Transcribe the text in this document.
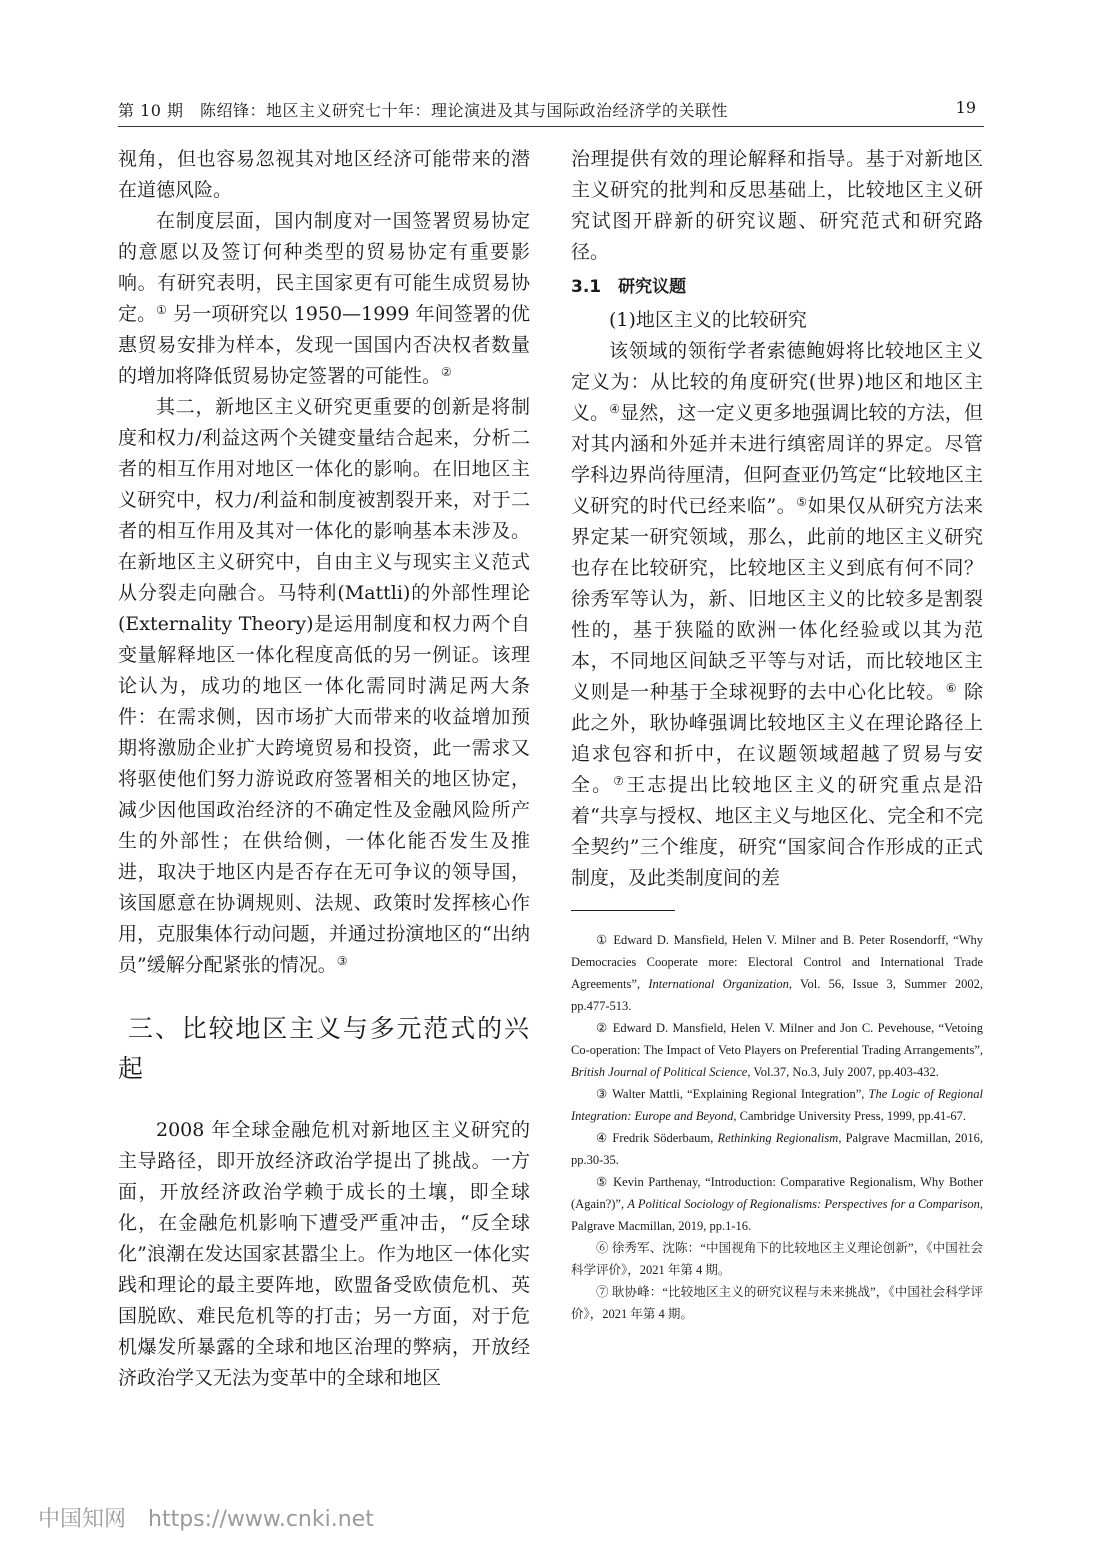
第 10 期　陈绍锋：地区主义研究七十年：理论演进及其与国际政治经济学的关联性	19

视角，但也容易忽视其对地区经济可能带来的潜在道德风险。

在制度层面，国内制度对一国签署贸易协定的意愿以及签订何种类型的贸易协定有重要影响。有研究表明，民主国家更有可能生成贸易协定。① 另一项研究以 1950—1999 年间签署的优惠贸易安排为样本，发现一国国内否决权者数量的增加将降低贸易协定签署的可能性。②

其二，新地区主义研究更重要的创新是将制度和权力/利益这两个关键变量结合起来，分析二者的相互作用对地区一体化的影响。在旧地区主义研究中，权力/利益和制度被割裂开来，对于二者的相互作用及其对一体化的影响基本未涉及。在新地区主义研究中，自由主义与现实主义范式从分裂走向融合。马特利(Mattli)的外部性理论(Externality Theory)是运用制度和权力两个自变量解释地区一体化程度高低的另一例证。该理论认为，成功的地区一体化需同时满足两大条件：在需求侧，因市场扩大而带来的收益增加预期将激励企业扩大跨境贸易和投资，此一需求又将驱使他们努力游说政府签署相关的地区协定，减少因他国政治经济的不确定性及金融风险所产生的外部性；在供给侧，一体化能否发生及推进，取决于地区内是否存在无可争议的领导国，该国愿意在协调规则、法规、政策时发挥核心作用，克服集体行动问题，并通过扮演地区的“出纳员”缓解分配紧张的情况。③

三、比较地区主义与多元范式的兴起

2008 年全球金融危机对新地区主义研究的主导路径，即开放经济政治学提出了挑战。一方面，开放经济政治学赖于成长的土壤，即全球化，在金融危机影响下遭受严重冲击，“反全球化”浪潮在发达国家甚嚣尘上。作为地区一体化实践和理论的最主要阵地，欧盟备受欧债危机、英国脱欧、难民危机等的打击；另一方面，对于危机爆发所暴露的全球和地区治理的弊病，开放经济政治学又无法为变革中的全球和地区

治理提供有效的理论解释和指导。基于对新地区主义研究的批判和反思基础上，比较地区主义研究试图开辟新的研究议题、研究范式和研究路径。

3.1　研究议题

(1)地区主义的比较研究

该领域的领衔学者索德鲍姆将比较地区主义定义为：从比较的角度研究(世界)地区和地区主义。④显然，这一定义更多地强调比较的方法，但对其内涵和外延并未进行缜密周详的界定。尽管学科边界尚待厘清，但阿查亚仍笃定“比较地区主义研究的时代已经来临”。⑤如果仅从研究方法来界定某一研究领域，那么，此前的地区主义研究也存在比较研究，比较地区主义到底有何不同？徐秀军等认为，新、旧地区主义的比较多是割裂性的，基于狭隘的欧洲一体化经验或以其为范本，不同地区间缺乏平等与对话，而比较地区主义则是一种基于全球视野的去中心化比较。⑥ 除此之外，耿协峰强调比较地区主义在理论路径上追求包容和折中，在议题领域超越了贸易与安全。⑦王志提出比较地区主义的研究重点是沿着“共享与授权、地区主义与地区化、完全和不完全契约”三个维度，研究“国家间合作形成的正式制度，及此类制度间的差

① Edward D. Mansfield, Helen V. Milner and B. Peter Rosendorff, “Why Democracies Cooperate more: Electoral Control and International Trade Agreements”, International Organization, Vol. 56, Issue 3, Summer 2002, pp.477-513.

② Edward D. Mansfield, Helen V. Milner and Jon C. Pevehouse, “Vetoing Co-operation: The Impact of Veto Players on Preferential Trading Arrangements”, British Journal of Political Science, Vol.37, No.3, July 2007, pp.403-432.

③ Walter Mattli, “Explaining Regional Integration”, The Logic of Regional Integration: Europe and Beyond, Cambridge University Press, 1999, pp.41-67.

④ Fredrik Söderbaum, Rethinking Regionalism, Palgrave Macmillan, 2016, pp.30-35.

⑤ Kevin Parthenay, “Introduction: Comparative Regionalism, Why Bother (Again?)”, A Political Sociology of Regionalisms: Perspectives for a Comparison, Palgrave Macmillan, 2019, pp.1-16.

⑥ 徐秀军、沈陈：“中国视角下的比较地区主义理论创新”，《中国社会科学评价》，2021 年第 4 期。

⑦ 耿协峰：“比较地区主义的研究议程与未来挑战”，《中国社会科学评价》，2021 年第 4 期。

中国知网 https://www.cnki.net
